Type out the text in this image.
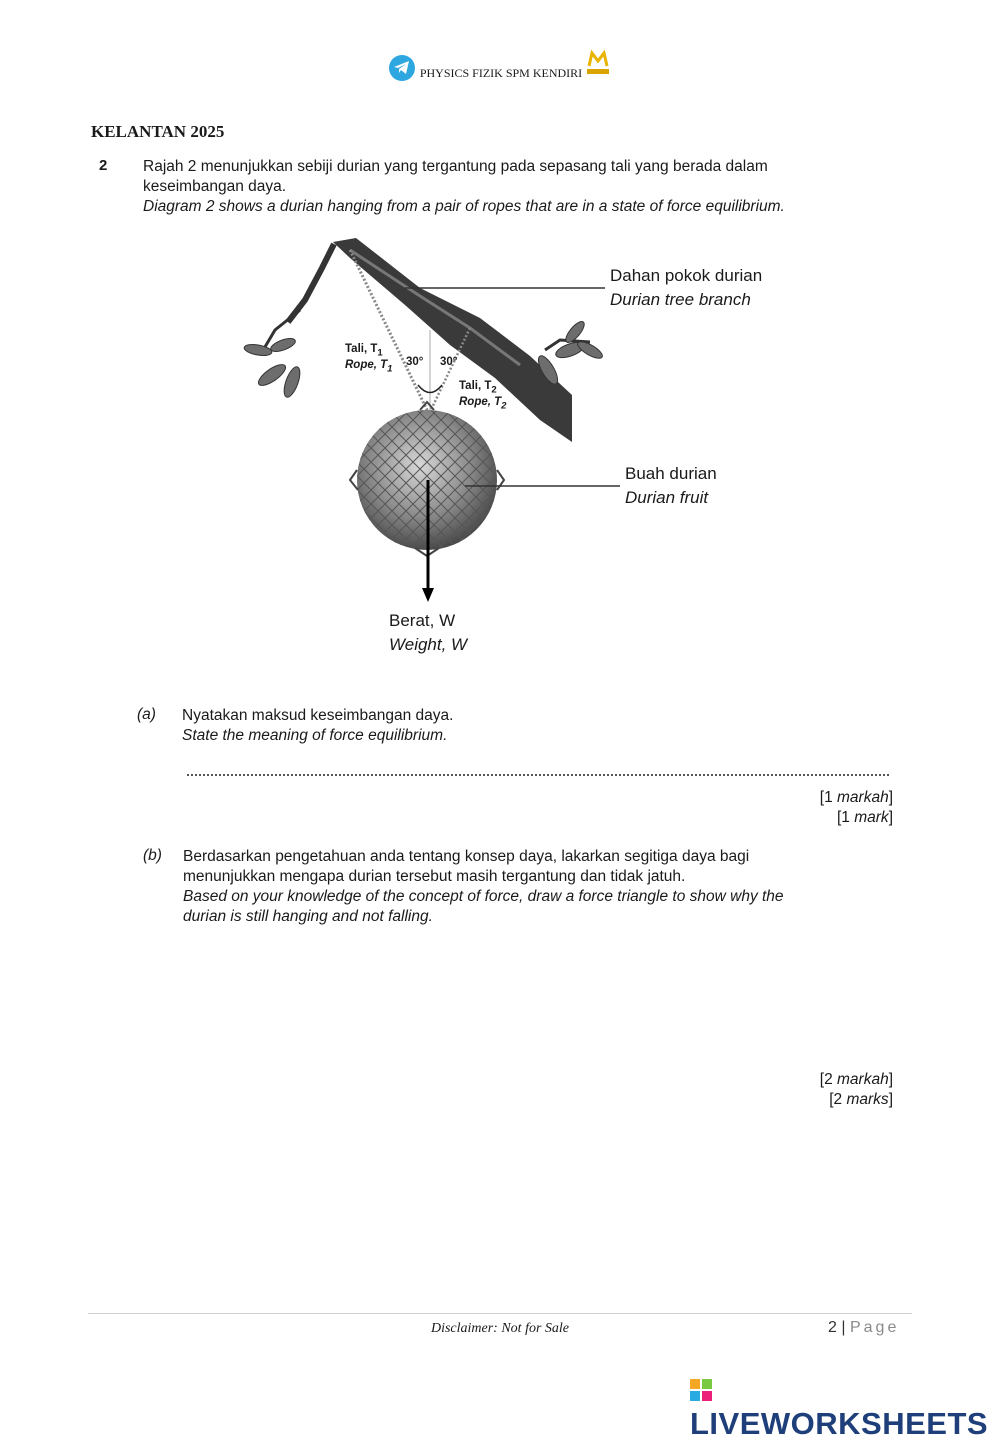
PHYSICS FIZIK SPM KENDIRI
KELANTAN 2025
2 Rajah 2 menunjukkan sebiji durian yang tergantung pada sepasang tali yang berada dalam
keseimbangan daya.
Diagram 2 shows a durian hanging from a pair of ropes that are in a state of force equilibrium.
Dahan pokok durian
Durian tree branch
Buah durian
Durian fruit
Berat, W
Weight, W
Tali, $T_1$
Rope, $T_1$
Tali, $T_2$
Rope, $T_2$
30° 30°
(a) Nyatakan maksud keseimbangan daya.
State the meaning of force equilibrium.
[1 markah]
[1 mark]
(b) Berdasarkan pengetahuan anda tentang konsep daya, lakarkan segitiga daya bagi
menunjukkan mengapa durian tersebut masih tergantung dan tidak jatuh.
Based on your knowledge of the concept of force, draw a force triangle to show why the
durian is still hanging and not falling.
[2 markah]
[2 marks]
Disclaimer: Not for Sale	2 | Page
LIVEWORKSHEETS
